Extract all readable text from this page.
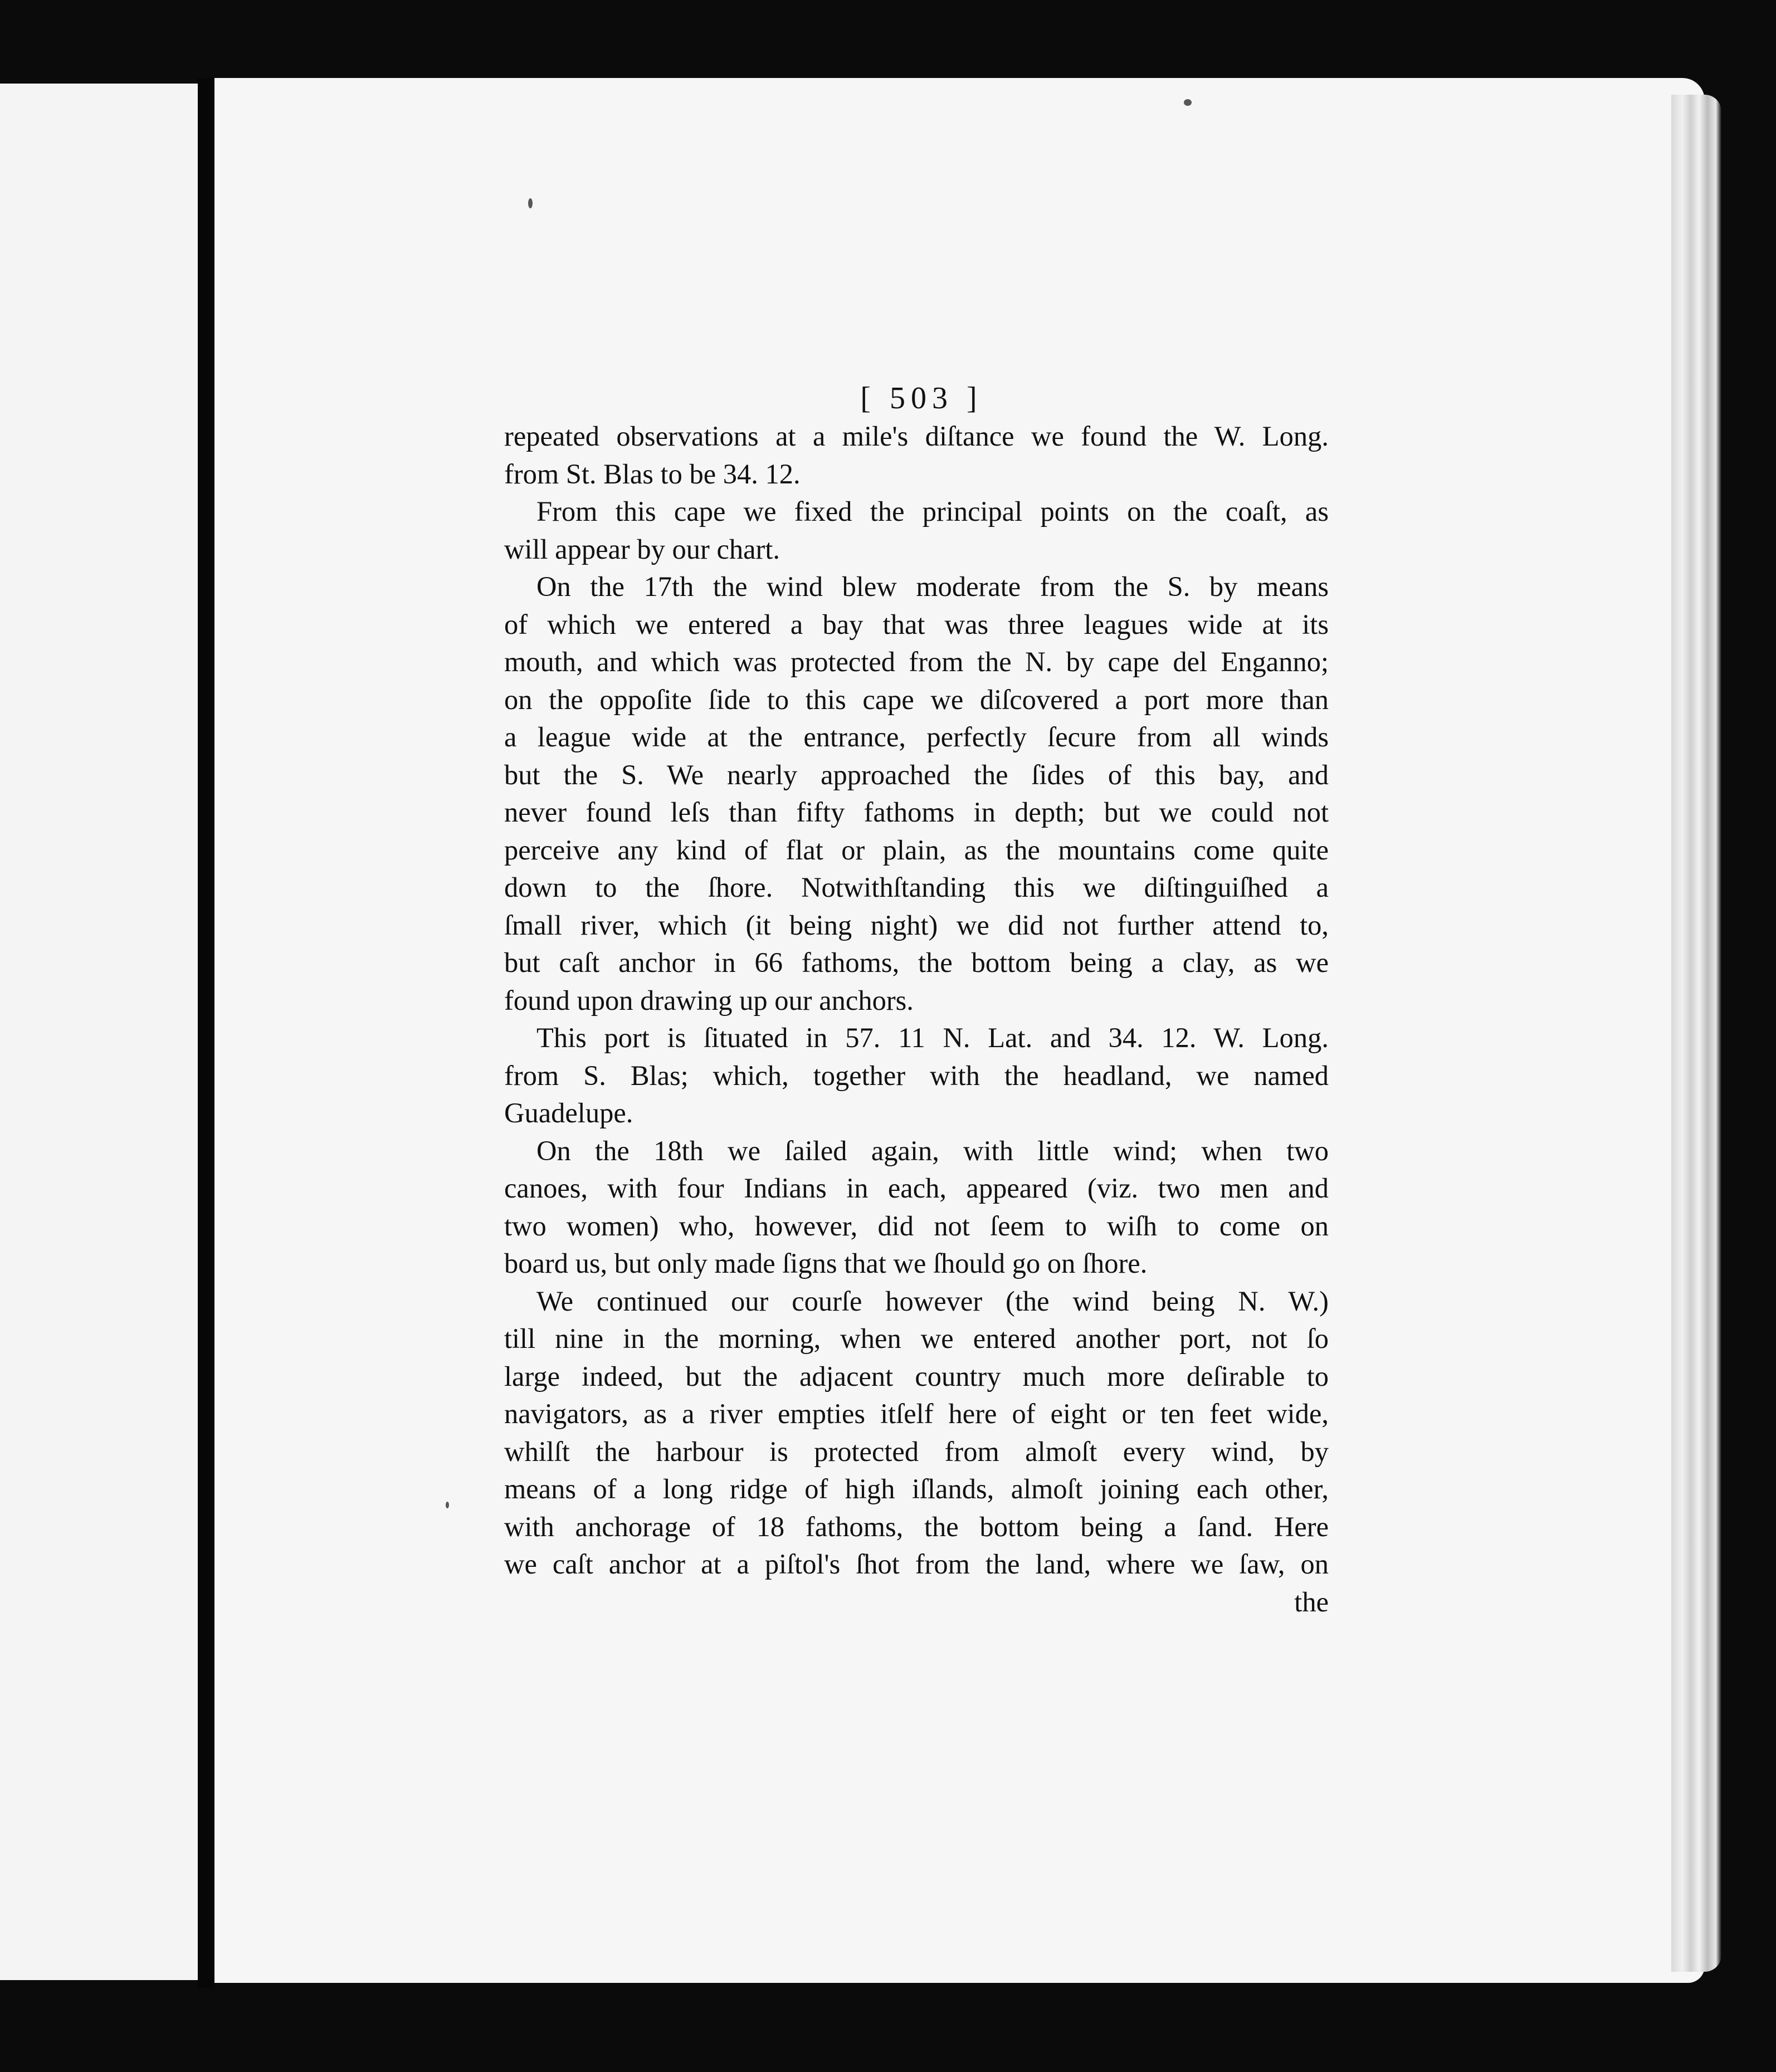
[ 503 ]

repeated observations at a mile's diſtance we found the W. Long.

from St. Blas to be 34. 12.

From this cape we fixed the principal points on the coaſt, as

will appear by our chart.

On the 17th the wind blew moderate from the S. by means

of which we entered a bay that was three leagues wide at its

mouth, and which was protected from the N. by cape del Enganno;

on the oppoſite ſide to this cape we diſcovered a port more than

a league wide at the entrance, perfectly ſecure from all winds

but the S. We nearly approached the ſides of this bay, and

never found leſs than fifty fathoms in depth; but we could not

perceive any kind of flat or plain, as the mountains come quite

down to the ſhore. Notwithſtanding this we diſtinguiſhed a

ſmall river, which (it being night) we did not further attend to,

but caſt anchor in 66 fathoms, the bottom being a clay, as we

found upon drawing up our anchors.

This port is ſituated in 57. 11 N. Lat. and 34. 12. W. Long.

from S. Blas; which, together with the headland, we named

Guadelupe.

On the 18th we ſailed again, with little wind; when two

canoes, with four Indians in each, appeared (viz. two men and

two women) who, however, did not ſeem to wiſh to come on

board us, but only made ſigns that we ſhould go on ſhore.

We continued our courſe however (the wind being N. W.)

till nine in the morning, when we entered another port, not ſo

large indeed, but the adjacent country much more deſirable to

navigators, as a river empties itſelf here of eight or ten feet wide,

whilſt the harbour is protected from almoſt every wind, by

means of a long ridge of high iſlands, almoſt joining each other,

with anchorage of 18 fathoms, the bottom being a ſand. Here

we caſt anchor at a piſtol's ſhot from the land, where we ſaw, on

the
